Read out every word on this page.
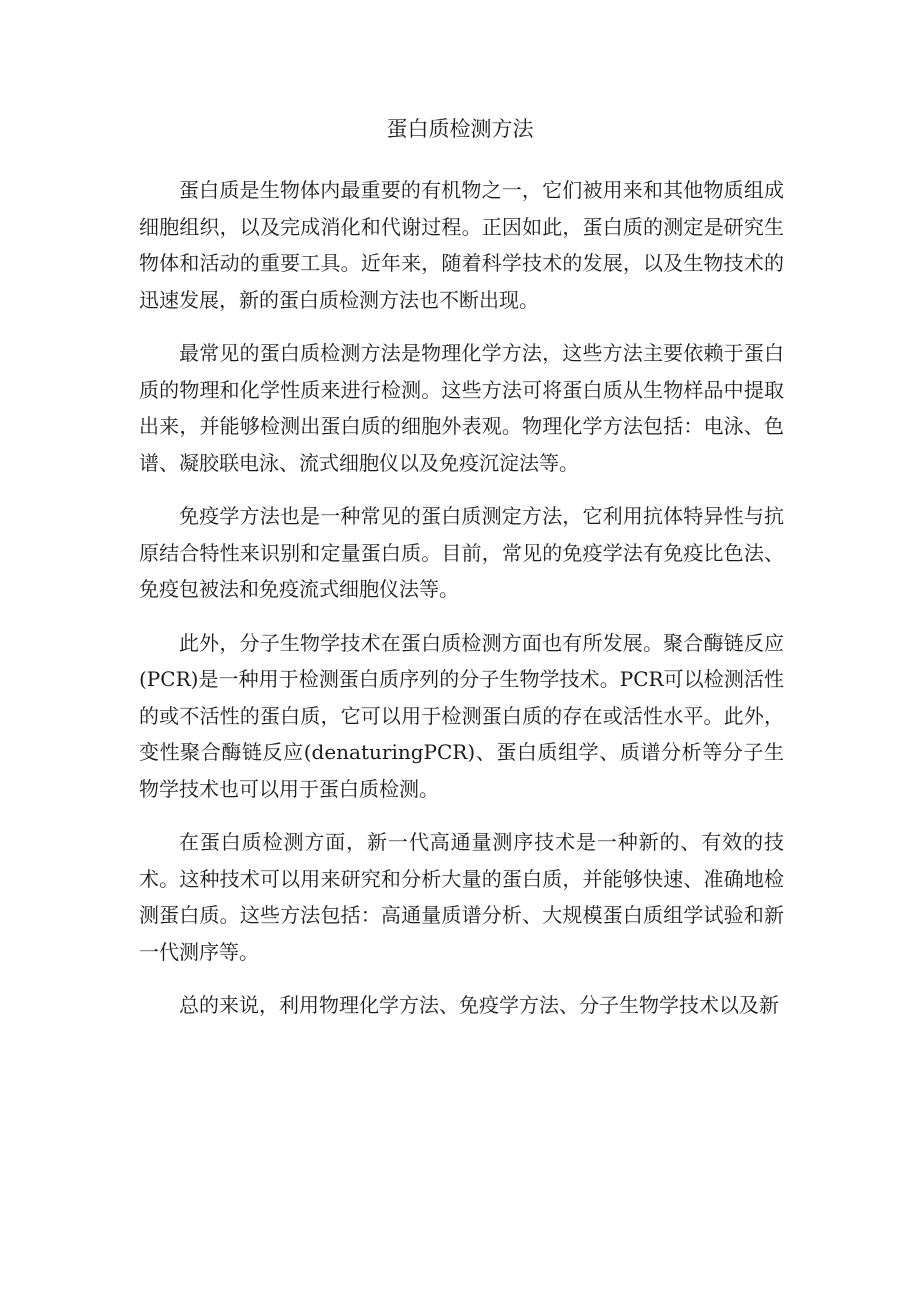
蛋白质检测方法

蛋白质是生物体内最重要的有机物之一，它们被用来和其他物质组成细胞组织，以及完成消化和代谢过程。正因如此，蛋白质的测定是研究生物体和活动的重要工具。近年来，随着科学技术的发展，以及生物技术的迅速发展，新的蛋白质检测方法也不断出现。

最常见的蛋白质检测方法是物理化学方法，这些方法主要依赖于蛋白质的物理和化学性质来进行检测。这些方法可将蛋白质从生物样品中提取出来，并能够检测出蛋白质的细胞外表观。物理化学方法包括：电泳、色谱、凝胶联电泳、流式细胞仪以及免疫沉淀法等。

免疫学方法也是一种常见的蛋白质测定方法，它利用抗体特异性与抗原结合特性来识别和定量蛋白质。目前，常见的免疫学法有免疫比色法、免疫包被法和免疫流式细胞仪法等。

此外，分子生物学技术在蛋白质检测方面也有所发展。聚合酶链反应(PCR)是一种用于检测蛋白质序列的分子生物学技术。PCR可以检测活性的或不活性的蛋白质，它可以用于检测蛋白质的存在或活性水平。此外，变性聚合酶链反应(denaturingPCR)、蛋白质组学、质谱分析等分子生物学技术也可以用于蛋白质检测。

在蛋白质检测方面，新一代高通量测序技术是一种新的、有效的技术。这种技术可以用来研究和分析大量的蛋白质，并能够快速、准确地检测蛋白质。这些方法包括：高通量质谱分析、大规模蛋白质组学试验和新一代测序等。

总的来说，利用物理化学方法、免疫学方法、分子生物学技术以及新
